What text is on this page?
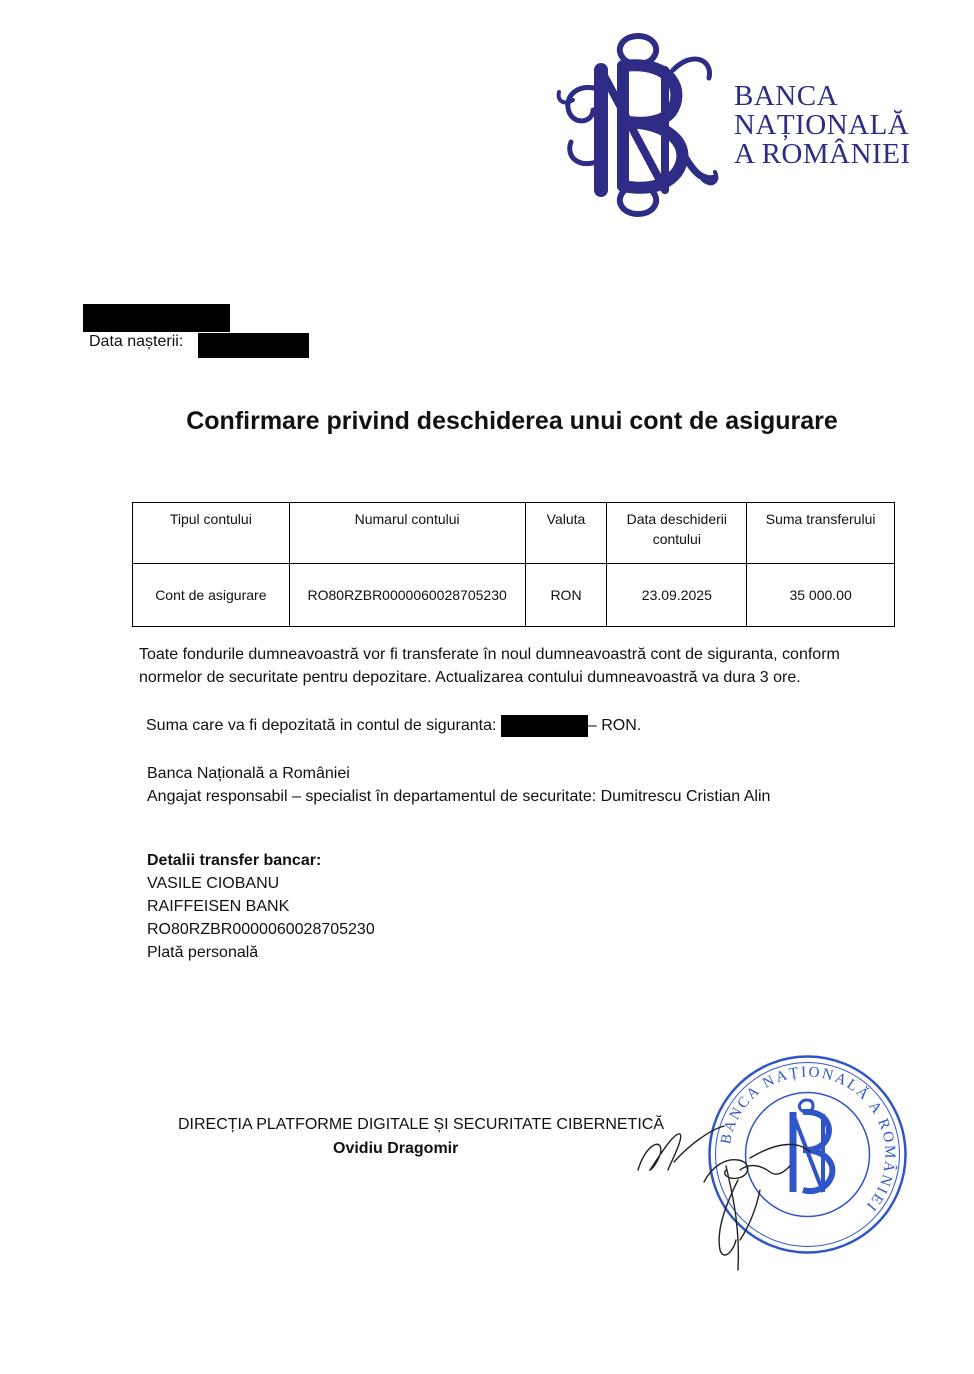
BANCA
NAȚIONALĂ
A ROMÂNIEI
Data nașterii:
Confirmare privind deschiderea unui cont de asigurare
Tipul contului	Numarul contului	Valuta	Data deschiderii contului	Suma transferului
Cont de asigurare	RO80RZBR0000060028705230	RON	23.09.2025	35 000.00
Toate fondurile dumneavoastră vor fi transferate în noul dumneavoastră cont de siguranta, conform
normelor de securitate pentru depozitare. Actualizarea contului dumneavoastră va dura 3 ore.
Suma care va fi depozitată in contul de siguranta:	– RON.
Banca Națională a României
Angajat responsabil – specialist în departamentul de securitate: Dumitrescu Cristian Alin
Detalii transfer bancar:
VASILE CIOBANU
RAIFFEISEN BANK
RO80RZBR0000060028705230
Plată personală
DIRECȚIA PLATFORME DIGITALE ȘI SECURITATE CIBERNETICĂ
Ovidiu Dragomir
BANCA NAȚIONALĂ A ROMÂNIEI
